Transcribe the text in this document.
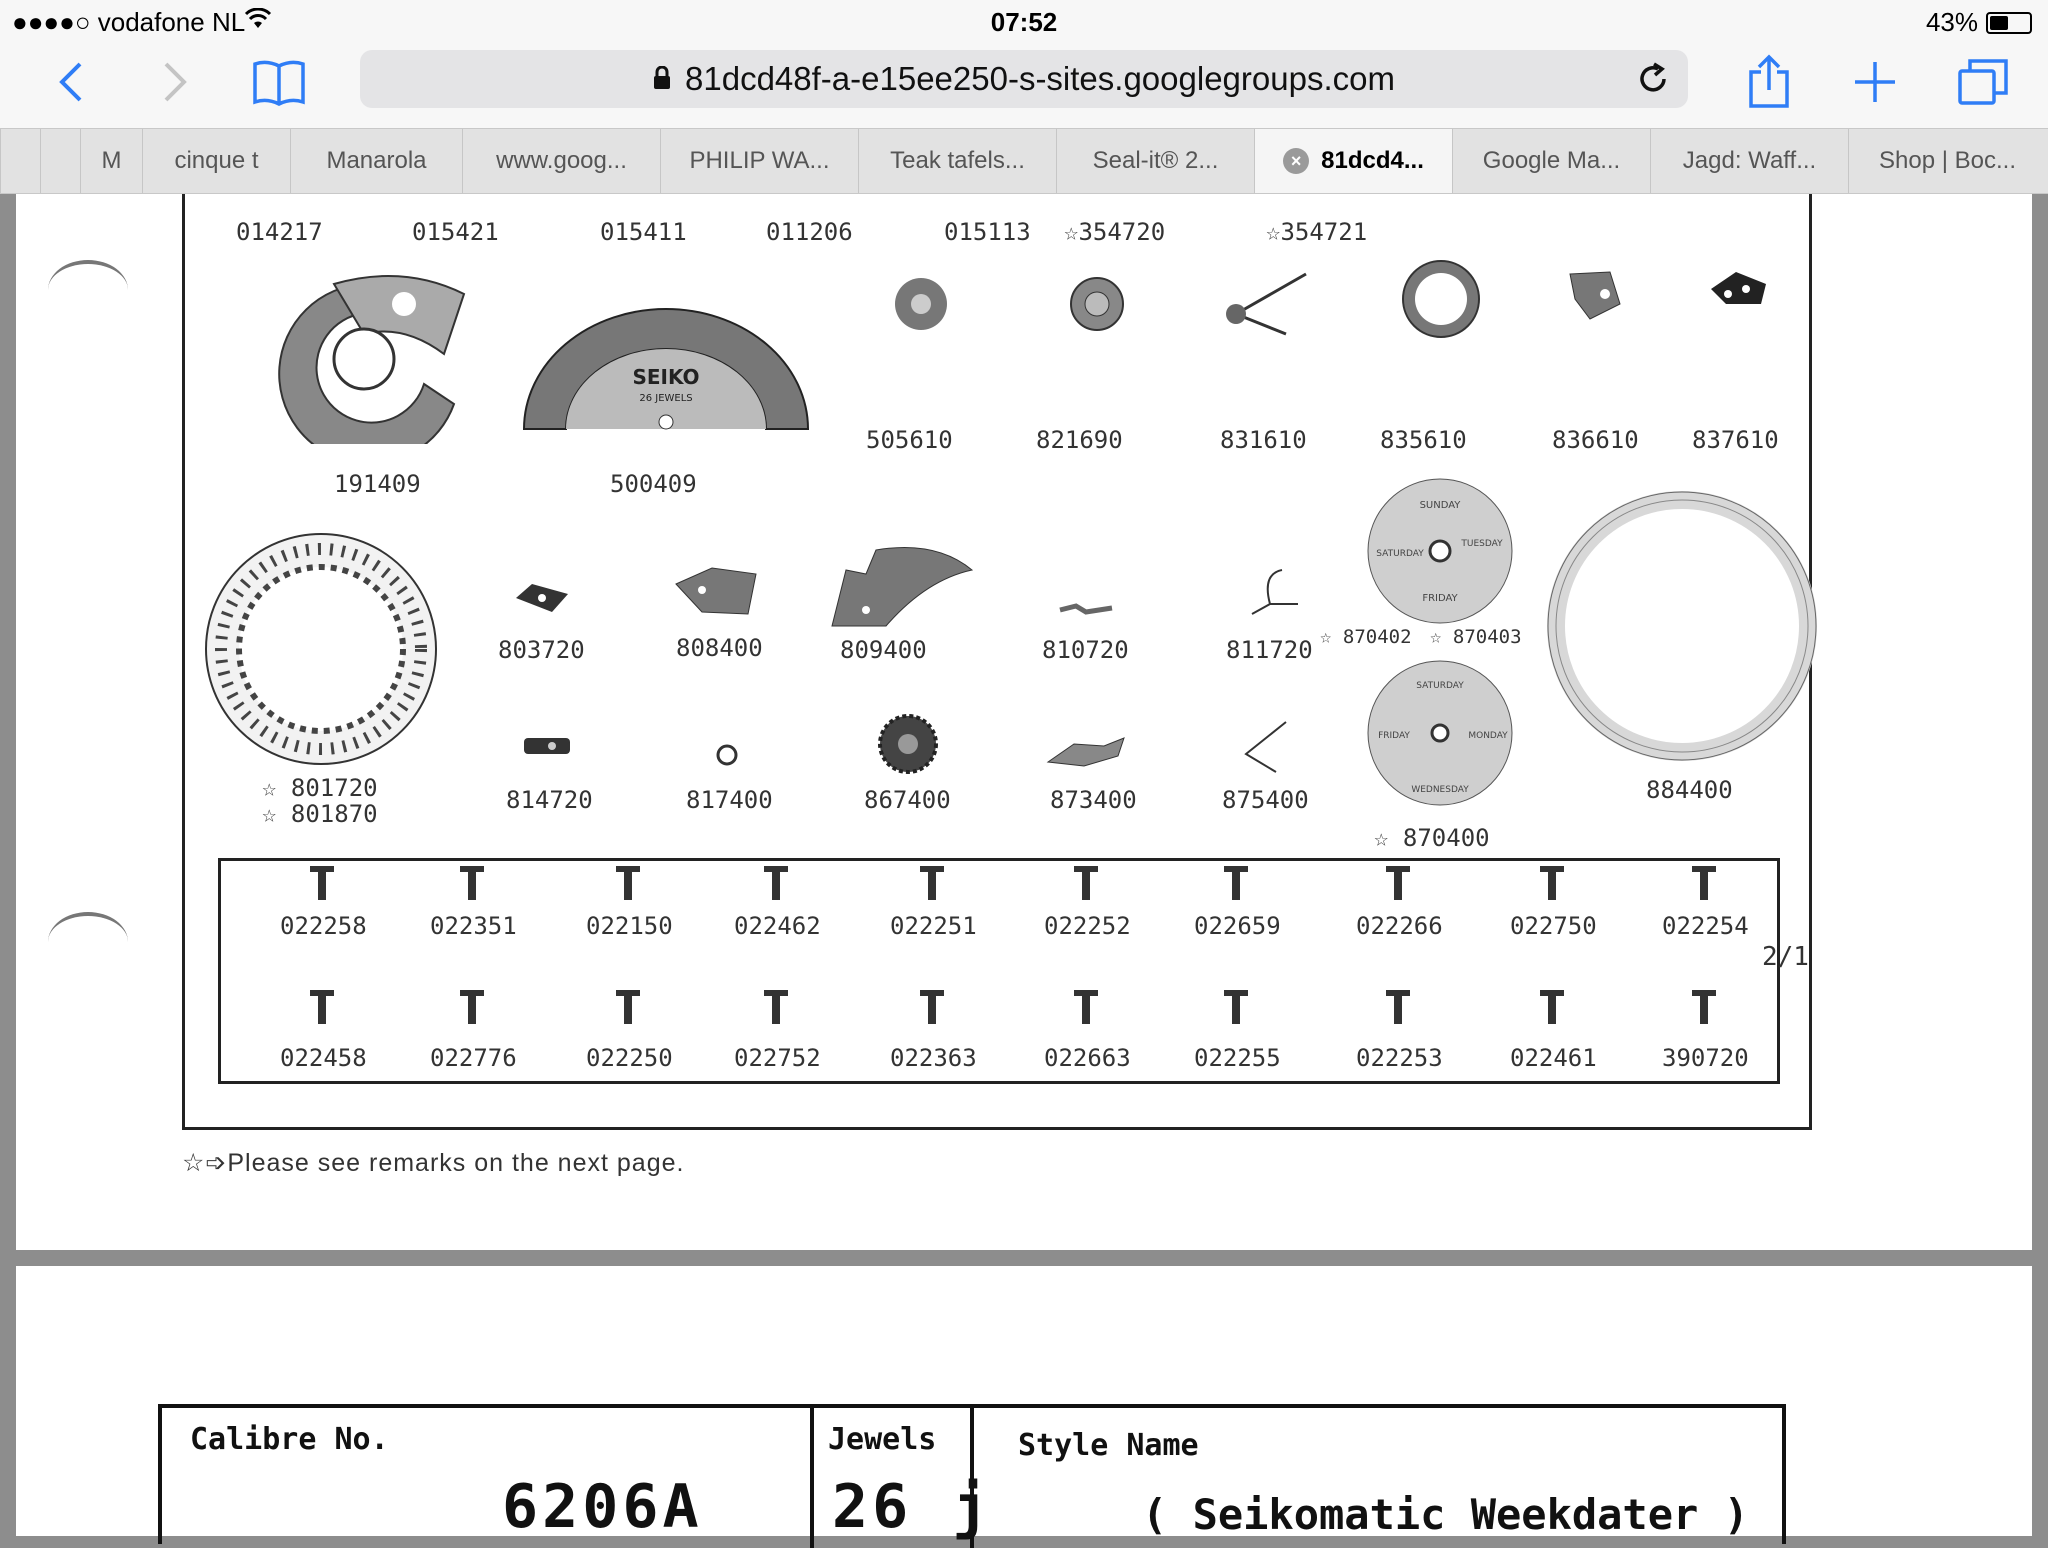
●●●●○ vodafone NL	07:52	43%
81dcd48f-a-e15ee250-s-sites.googlegroups.com
M cinque t	Manarola	www.goog...	PHILIP WA...	Teak tafels...	Seal-it® 2...	× 81dcd4... Google Ma...	Jagd: Waff...	Shop | Boc...
014217	015421	015411	011206	015113 ☆354720	☆354721
191409
SEIKO
26 JEWELS
500409
505610	821690	831610	835610	836610 837610
☆ 801720
☆ 801870
803720	808400	809400	810720	811720
SUNDAY
FRIDAY
SATURDAY
TUESDAY
☆ 870402 ☆ 870403
SATURDAY
WEDNESDAY
FRIDAY	MONDAY
☆ 870400
884400
814720	817400	867400	873400	875400
022258	022351	022150	022462	022251	022252	022659	022266	022750	022254
022458	022776	022250	022752	022363	022663	022255	022253	022461	390720
2/1
☆➩Please see remarks on the next page.
Calibre No.
6206A
Jewels
26 j
Style Name
( Seikomatic Weekdater )
